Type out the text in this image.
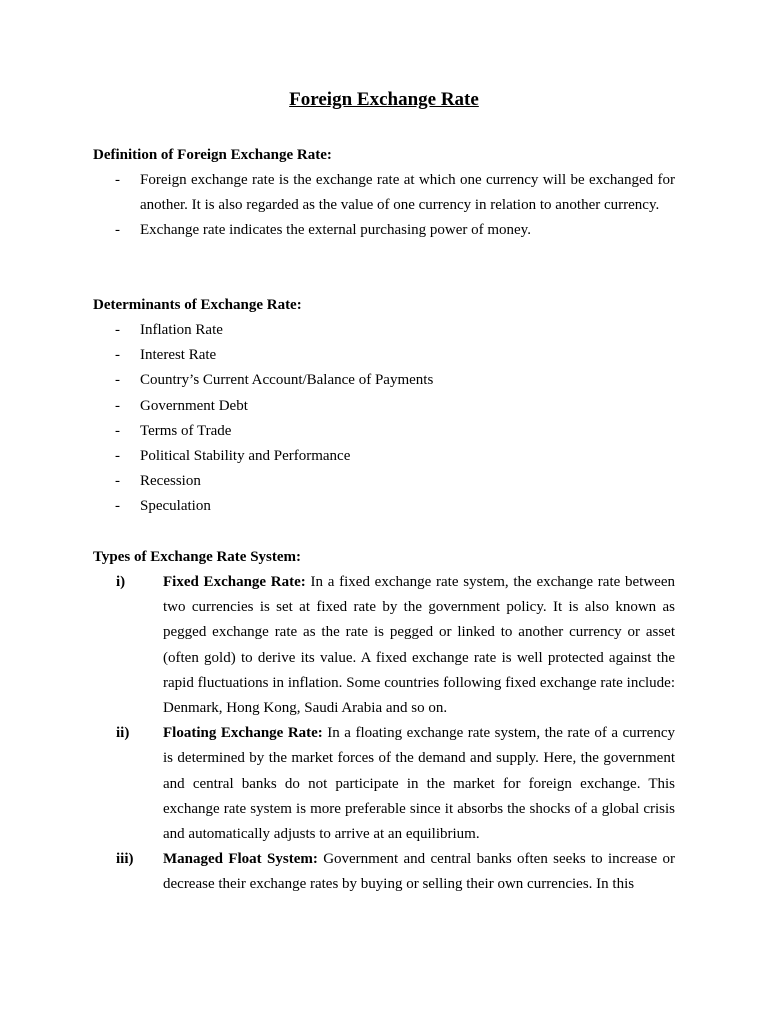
Foreign Exchange Rate
Definition of Foreign Exchange Rate:
- Foreign exchange rate is the exchange rate at which one currency will be exchanged for another. It is also regarded as the value of one currency in relation to another currency.
- Exchange rate indicates the external purchasing power of money.
Determinants of Exchange Rate:
- Inflation Rate
- Interest Rate
- Country’s Current Account/Balance of Payments
- Government Debt
- Terms of Trade
- Political Stability and Performance
- Recession
- Speculation
Types of Exchange Rate System:
i)	Fixed Exchange Rate: In a fixed exchange rate system, the exchange rate between two currencies is set at fixed rate by the government policy. It is also known as pegged exchange rate as the rate is pegged or linked to another currency or asset (often gold) to derive its value. A fixed exchange rate is well protected against the rapid fluctuations in inflation. Some countries following fixed exchange rate include: Denmark, Hong Kong, Saudi Arabia and so on.
ii) Floating Exchange Rate: In a floating exchange rate system, the rate of a currency is determined by the market forces of the demand and supply. Here, the government and central banks do not participate in the market for foreign exchange. This exchange rate system is more preferable since it absorbs the shocks of a global crisis and automatically adjusts to arrive at an equilibrium.
iii) Managed Float System: Government and central banks often seeks to increase or decrease their exchange rates by buying or selling their own currencies. In this
